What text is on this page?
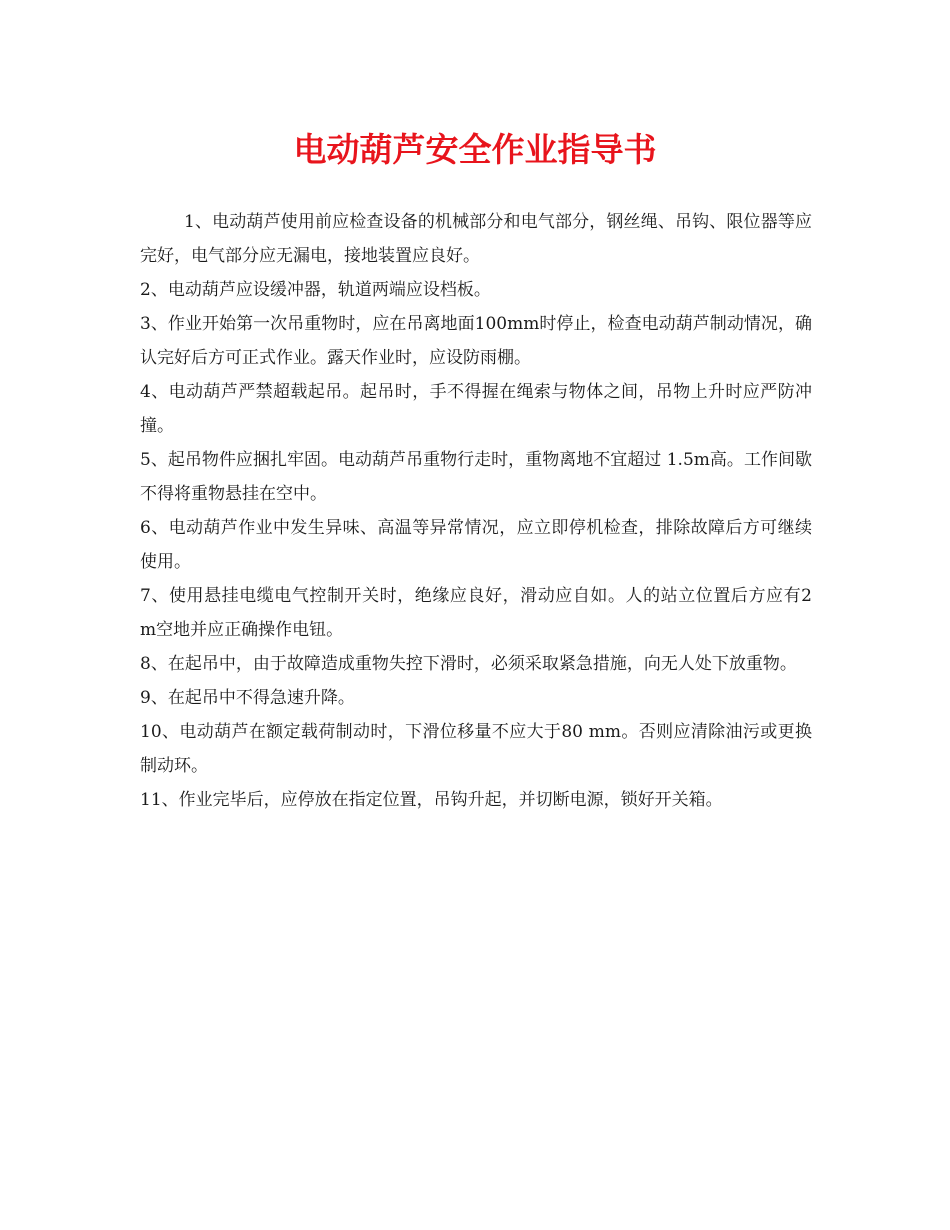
电动葫芦安全作业指导书

1、电动葫芦使用前应检查设备的机械部分和电气部分，钢丝绳、吊钩、限位器等应完好，电气部分应无漏电，接地装置应良好。

2、电动葫芦应设缓冲器，轨道两端应设档板。

3、作业开始第一次吊重物时，应在吊离地面100mm时停止，检查电动葫芦制动情况，确认完好后方可正式作业。露天作业时，应设防雨棚。

4、电动葫芦严禁超载起吊。起吊时，手不得握在绳索与物体之间，吊物上升时应严防冲撞。

5、起吊物件应捆扎牢固。电动葫芦吊重物行走时，重物离地不宜超过 1.5m高。工作间歇不得将重物悬挂在空中。

6、电动葫芦作业中发生异味、高温等异常情况，应立即停机检查，排除故障后方可继续使用。

7、使用悬挂电缆电气控制开关时，绝缘应良好，滑动应自如。人的站立位置后方应有2 m空地并应正确操作电钮。

8、在起吊中，由于故障造成重物失控下滑时，必须采取紧急措施，向无人处下放重物。

9、在起吊中不得急速升降。

10、电动葫芦在额定载荷制动时，下滑位移量不应大于80 mm。否则应清除油污或更换制动环。

11、作业完毕后，应停放在指定位置，吊钩升起，并切断电源，锁好开关箱。
